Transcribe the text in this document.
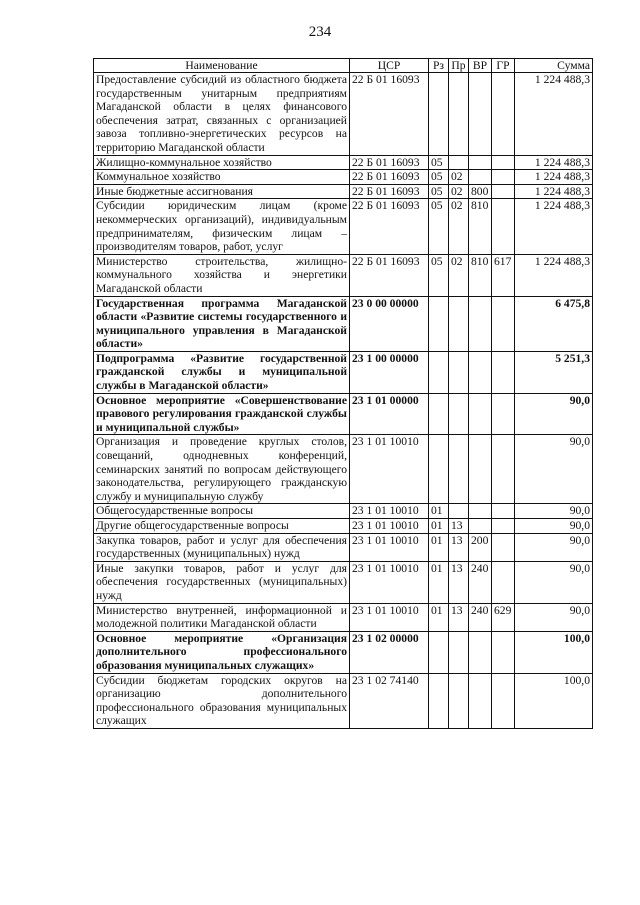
234
Наименование	ЦСР	Рз	Пр	ВР	ГР	Сумма
Предоставление субсидий из областного бюджета государственным унитарным предприятиям Магаданской области в целях финансового обеспечения затрат, связанных с организацией завоза топливно-энергетических ресурсов на территорию Магаданской области	22 Б 01 16093					1 224 488,3
Жилищно-коммунальное хозяйство	22 Б 01 16093	05				1 224 488,3
Коммунальное хозяйство	22 Б 01 16093	05	02			1 224 488,3
Иные бюджетные ассигнования	22 Б 01 16093	05	02	800		1 224 488,3
Субсидии юридическим лицам (кроме некоммерческих организаций), индивидуальным предпринимателям, физическим лицам – производителям товаров, работ, услуг	22 Б 01 16093	05	02	810		1 224 488,3
Министерство строительства, жилищно-коммунального хозяйства и энергетики Магаданской области	22 Б 01 16093	05	02	810	617	1 224 488,3
Государственная программа Магаданской области «Развитие системы государственного и муниципального управления в Магаданской области»	23 0 00 00000					6 475,8
Подпрограмма «Развитие государственной гражданской службы и муниципальной службы в Магаданской области»	23 1 00 00000					5 251,3
Основное мероприятие «Совершенствование правового регулирования гражданской службы и муниципальной службы»	23 1 01 00000					90,0
Организация и проведение круглых столов, совещаний, однодневных конференций, семинарских занятий по вопросам действующего законодательства, регулирующего гражданскую службу и муниципальную службу	23 1 01 10010					90,0
Общегосударственные вопросы	23 1 01 10010	01				90,0
Другие общегосударственные вопросы	23 1 01 10010	01	13			90,0
Закупка товаров, работ и услуг для обеспечения государственных (муниципальных) нужд	23 1 01 10010	01	13	200		90,0
Иные закупки товаров, работ и услуг для обеспечения государственных (муниципальных) нужд	23 1 01 10010	01	13	240		90,0
Министерство внутренней, информационной и молодежной политики Магаданской области	23 1 01 10010	01	13	240	629	90,0
Основное мероприятие «Организация дополнительного профессионального образования муниципальных служащих»	23 1 02 00000					100,0
Субсидии бюджетам городских округов на организацию дополнительного профессионального образования муниципальных служащих	23 1 02 74140					100,0
